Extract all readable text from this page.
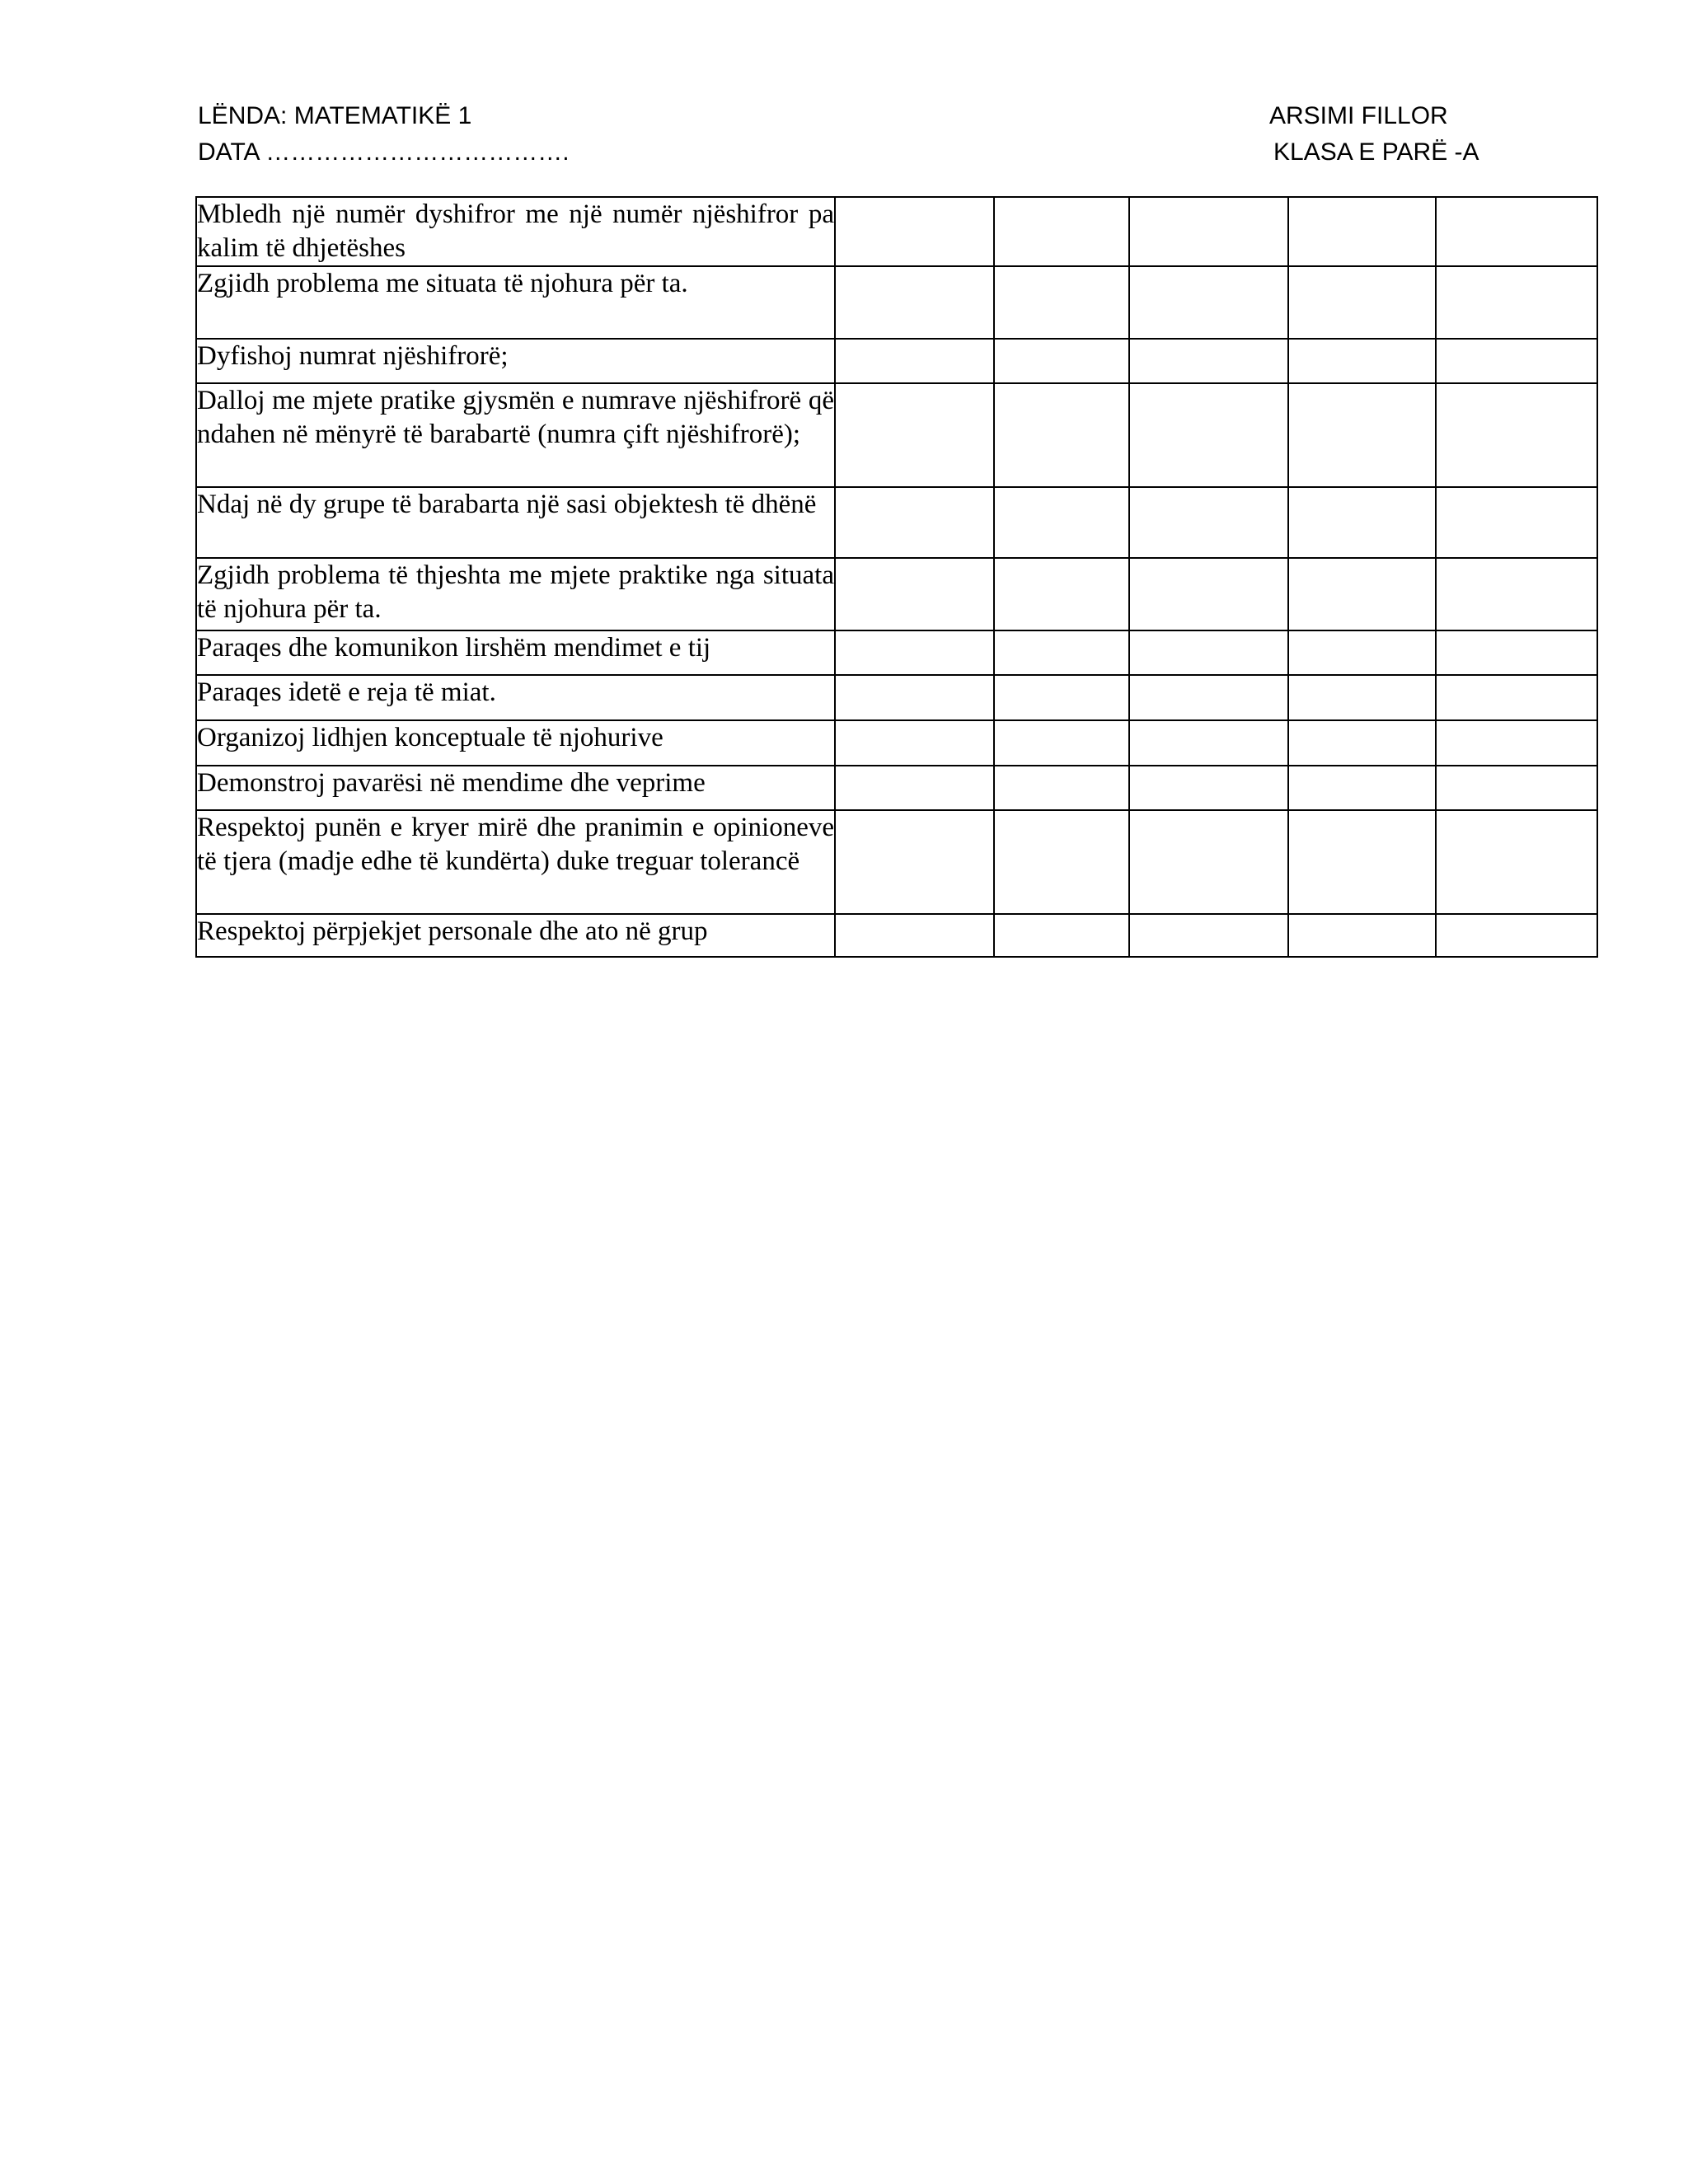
LËNDA: MATEMATIKË 1
DATA ……………………………….
ARSIMI FILLOR
KLASA E PARË -A
Mbledh një numër dyshifror me një numër njëshifror pa kalim të dhjetëshes					

Zgjidh problema me situata të njohura për ta.					

Dyfishoj numrat njëshifrorë;					

Dalloj me mjete pratike gjysmën e numrave njëshifrorë që ndahen në mënyrë të barabartë (numra çift njëshifrorë);					

Ndaj në dy grupe të barabarta një sasi objektesh të dhënë					

Zgjidh problema të thjeshta me mjete praktike nga situata të njohura për ta.					

Paraqes dhe komunikon lirshëm mendimet e tij					

Paraqes idetë e reja të miat.					

Organizoj lidhjen konceptuale të njohurive					

Demonstroj pavarësi në mendime dhe veprime					

Respektoj punën e kryer mirë dhe pranimin e opinioneve të tjera (madje edhe të kundërta) duke treguar tolerancë					

Respektoj përpjekjet personale dhe ato në grup					
